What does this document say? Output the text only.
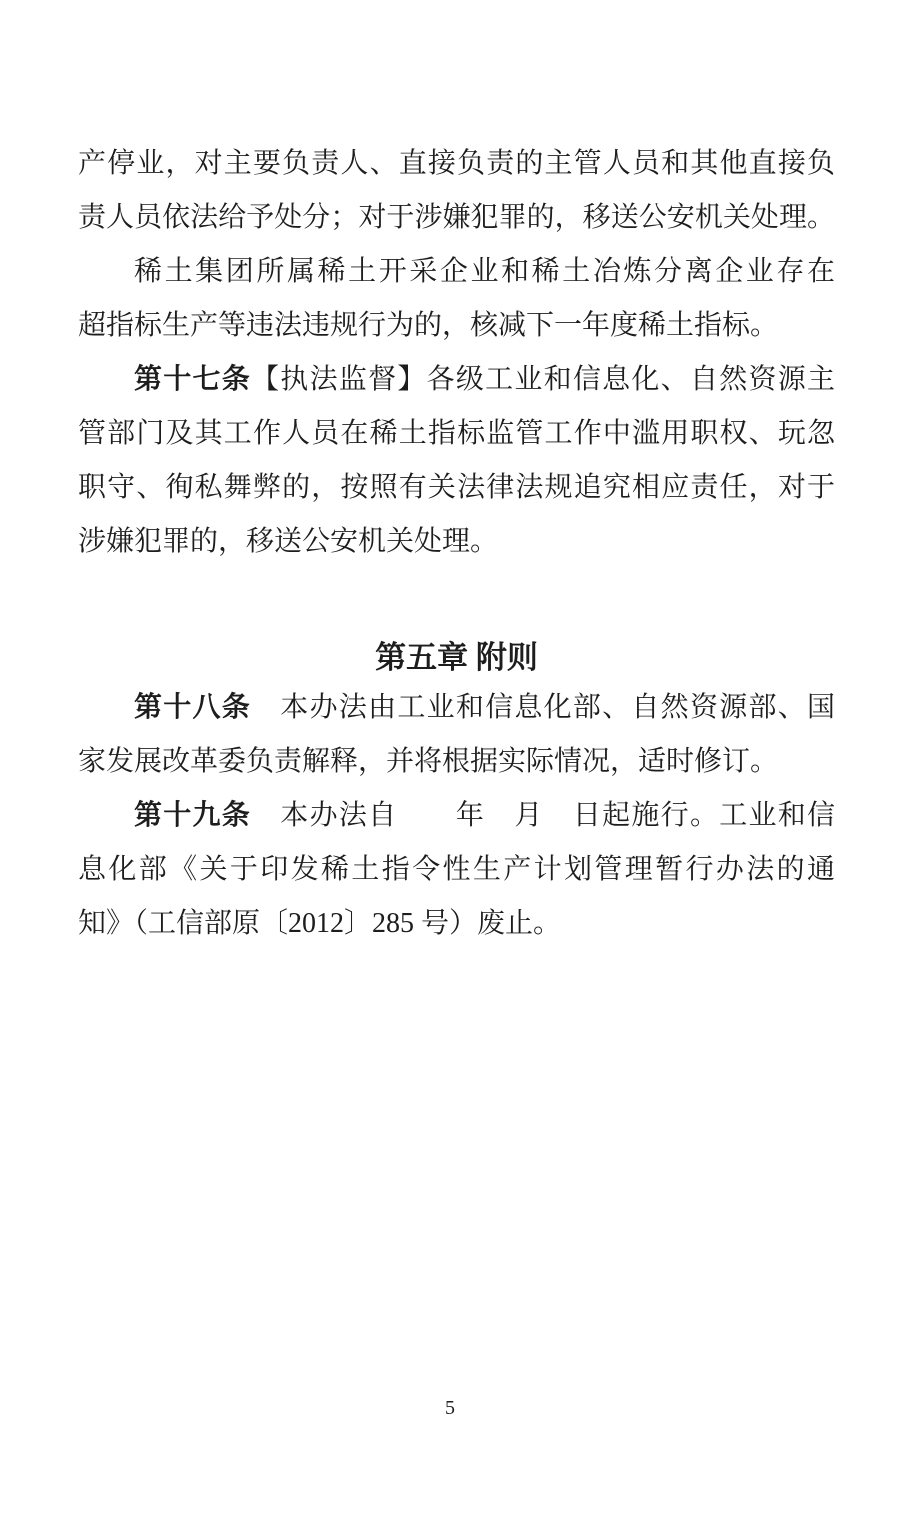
产停业，对主要负责人、直接负责的主管人员和其他直接负
责人员依法给予处分；对于涉嫌犯罪的，移送公安机关处理。
稀土集团所属稀土开采企业和稀土冶炼分离企业存在
超指标生产等违法违规行为的，核减下一年度稀土指标。
第十七条【执法监督】各级工业和信息化、自然资源主
管部门及其工作人员在稀土指标监管工作中滥用职权、玩忽
职守、徇私舞弊的，按照有关法律法规追究相应责任，对于
涉嫌犯罪的，移送公安机关处理。
第五章 附则
第十八条　本办法由工业和信息化部、自然资源部、国
家发展改革委负责解释，并将根据实际情况，适时修订。
第十九条　本办法自　　年　月　日起施行。工业和信
息化部《关于印发稀土指令性生产计划管理暂行办法的通
知》（工信部原〔2012〕285 号）废止。
5
